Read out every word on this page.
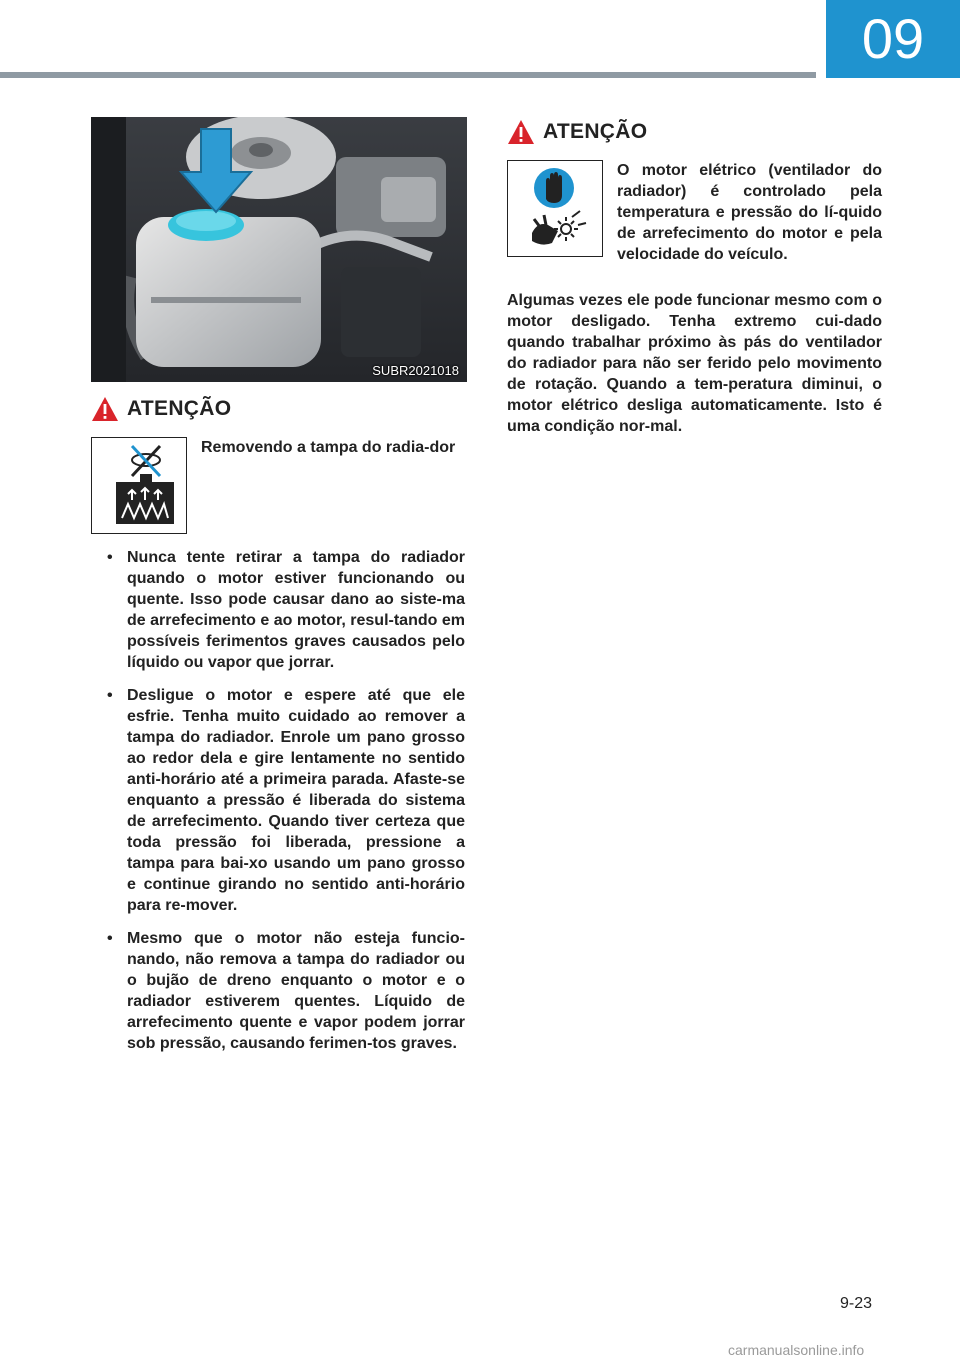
09
SUBR2021018
ATENÇÃO
Removendo a tampa do radia-dor
• Nunca tente retirar a tampa do radiador quando o motor estiver funcionando ou quente. Isso pode causar dano ao siste-ma de arrefecimento e ao motor, resul-tando em possíveis ferimentos graves causados pelo líquido ou vapor que jorrar.
• Desligue o motor e espere até que ele esfrie. Tenha muito cuidado ao remover a tampa do radiador. Enrole um pano grosso ao redor dela e gire lentamente no sentido anti-horário até a primeira parada. Afaste-se enquanto a pressão é liberada do sistema de arrefecimento. Quando tiver certeza que toda pressão foi liberada, pressione a tampa para bai-xo usando um pano grosso e continue girando no sentido anti-horário para re-mover.
• Mesmo que o motor não esteja funcio-nando, não remova a tampa do radiador ou o bujão de dreno enquanto o motor e o radiador estiverem quentes. Líquido de arrefecimento quente e vapor podem jorrar sob pressão, causando ferimen-tos graves.
ATENÇÃO
O motor elétrico (ventilador do radiador) é controlado pela temperatura e pressão do lí-quido de arrefecimento do motor e pela velocidade do veículo.
Algumas vezes ele pode funcionar mesmo com o motor desligado. Tenha extremo cui-dado quando trabalhar próximo às pás do ventilador do radiador para não ser ferido pelo movimento de rotação. Quando a tem-peratura diminui, o motor elétrico desliga automaticamente. Isto é uma condição nor-mal.
9-23
carmanualsonline.info
